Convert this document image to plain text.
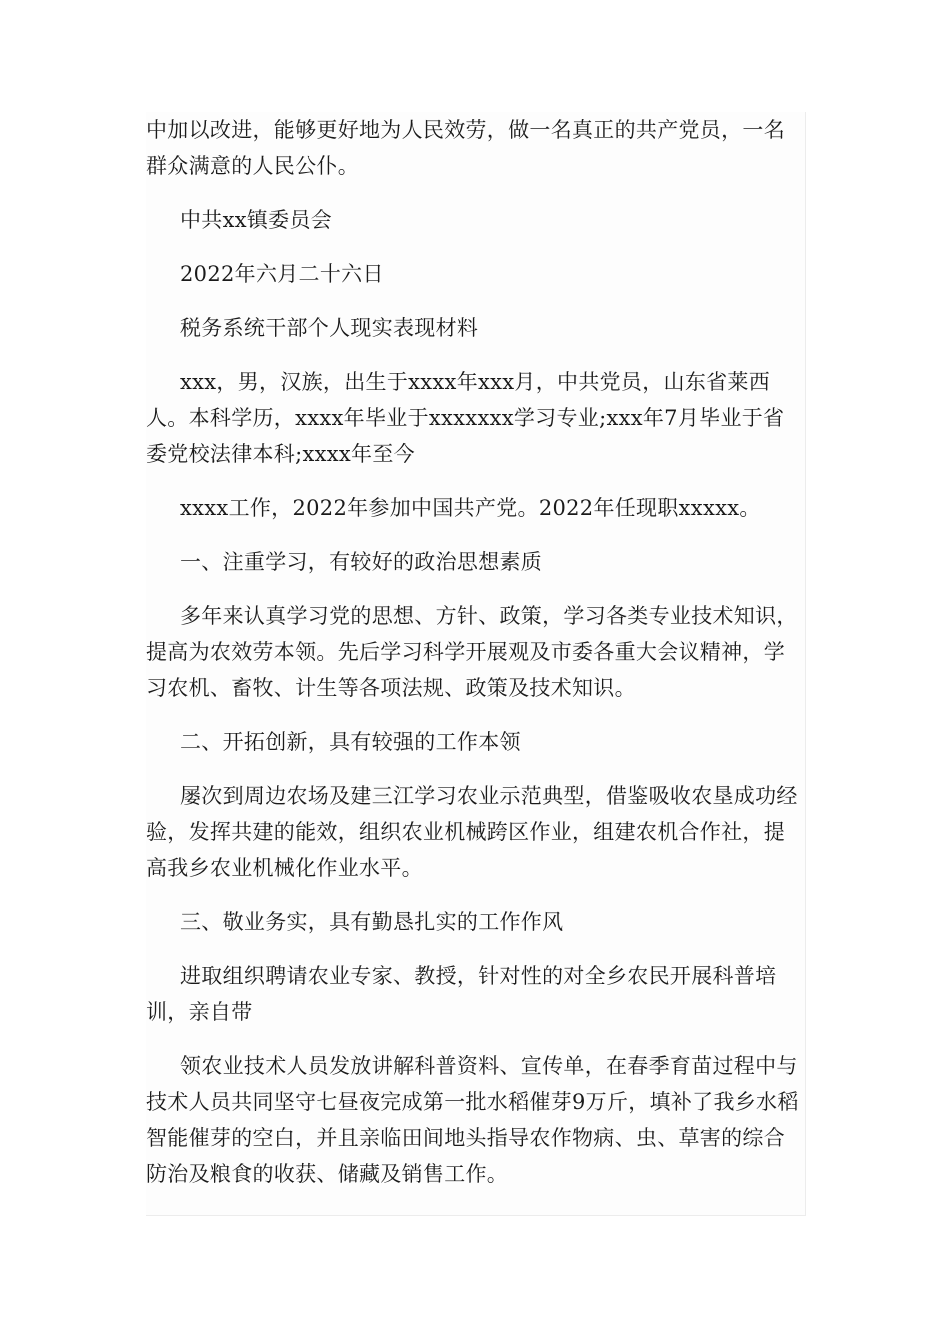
中加以改进，能够更好地为人民效劳，做一名真正的共产党员，一名群众满意的人民公仆。

中共xx镇委员会

2022年六月二十六日

税务系统干部个人现实表现材料

xxx，男，汉族，出生于xxxx年xxx月，中共党员，山东省莱西人。本科学历，xxxx年毕业于xxxxxxx学习专业;xxx年7月毕业于省委党校法律本科;xxxx年至今

xxxx工作，2022年参加中国共产党。2022年任现职xxxxx。

一、注重学习，有较好的政治思想素质

多年来认真学习党的思想、方针、政策，学习各类专业技术知识，提高为农效劳本领。先后学习科学开展观及市委各重大会议精神，学习农机、畜牧、计生等各项法规、政策及技术知识。

二、开拓创新，具有较强的工作本领

屡次到周边农场及建三江学习农业示范典型，借鉴吸收农垦成功经验，发挥共建的能效，组织农业机械跨区作业，组建农机合作社，提高我乡农业机械化作业水平。

三、敬业务实，具有勤恳扎实的工作作风

进取组织聘请农业专家、教授，针对性的对全乡农民开展科普培训，亲自带

领农业技术人员发放讲解科普资料、宣传单，在春季育苗过程中与技术人员共同坚守七昼夜完成第一批水稻催芽9万斤，填补了我乡水稻智能催芽的空白，并且亲临田间地头指导农作物病、虫、草害的综合防治及粮食的收获、储藏及销售工作。
